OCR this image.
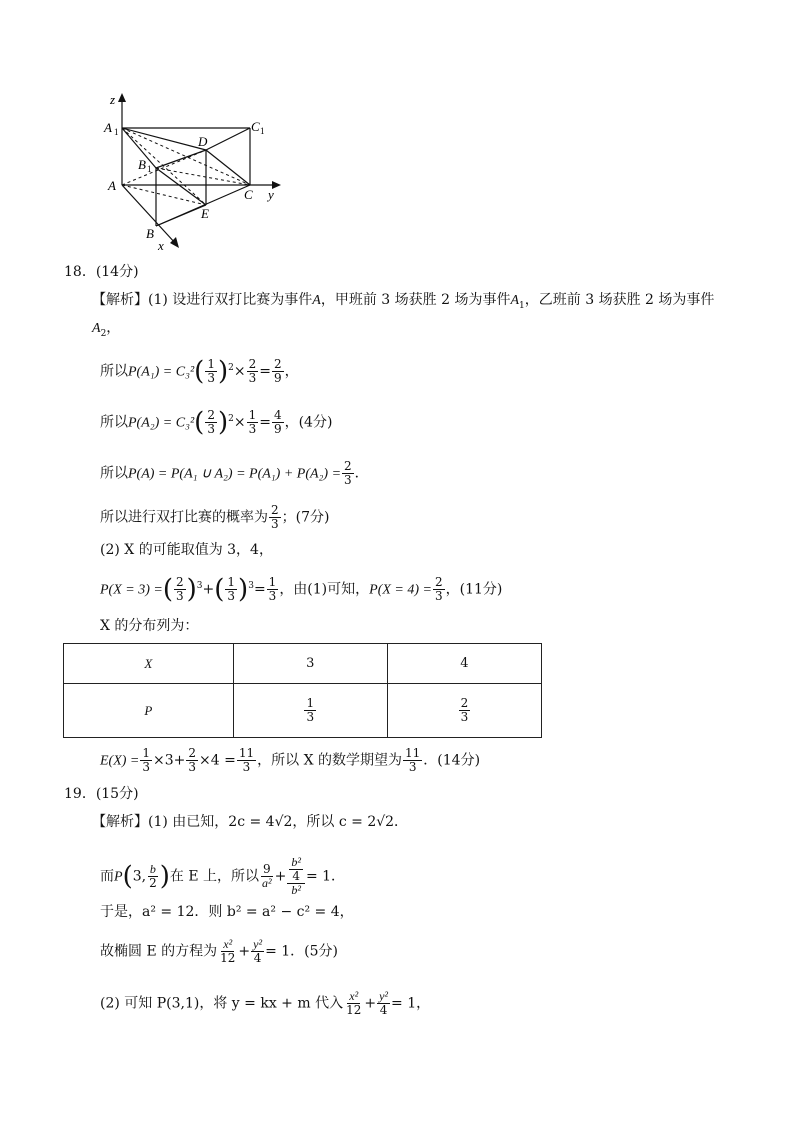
z
A 1	C 1
D
B 1
A
C y
E
B
x
18．(14分)
【解析】(1) 设进行双打比赛为事件A，甲班前 3 场获胜 2 场为事件$A_1$，乙班前 3 场获胜 2 场为事件
$A_2$，
所以$P(A_1) = C_3^2( \frac{1}{3} )^2\times \frac{2}{3} = \frac{2}{9}$ ，
所以$P(A_2) = C_3^2( \frac{2}{3} )^2\times \frac{1}{3} = \frac{4}{9}$ ，(4分)
所以P(A) = P(A₁ ∪ $A_2) = P(A_1) + P(A_2) = \frac{2}{3}$ ．
所以进行双打比赛的概率为 $\frac{2}{3}$ ；(7分)
(2) X 的可能取值为 3，4，
P(X = 3) =( $\frac{2}{3} )^3+( \frac{1}{3} )^3= \frac{1}{3}$ ，由(1)可知，$P(X = 4) = \frac{2}{3}$ ，(11分)
X 的分布列为：
X	3	4
P	$\frac{1}{3}$	$\frac{2}{3}$
$E(X) = \frac{1}{3} \times 3+ \frac{2}{3} \times 4 = \frac{11}{3}$ ，所以 X 的数学期望为 $\frac{11}{3}$ ．(14分)
19．(15分)
【解析】(1) 由已知，2c = 4√2，所以 c = 2√2．
而P(3, $\frac{b}{2}$ )在 E 上，所以 $\frac{9}{\text{a²}} + \frac{\frac{\text{b²}}{4}}{\text{b²}} = 1$．
于是，a² = 12．则 b² = a² − c² = 4，
故椭圆 E 的方程为 $\frac{\text{x²}}{12} + \frac{\text{y²}}{4} = 1$．(5分)
(2) 可知 P(3,1)，将 y = kx + m 代入 $\frac{\text{x²}}{12} + \frac{\text{y²}}{4} = 1$，
